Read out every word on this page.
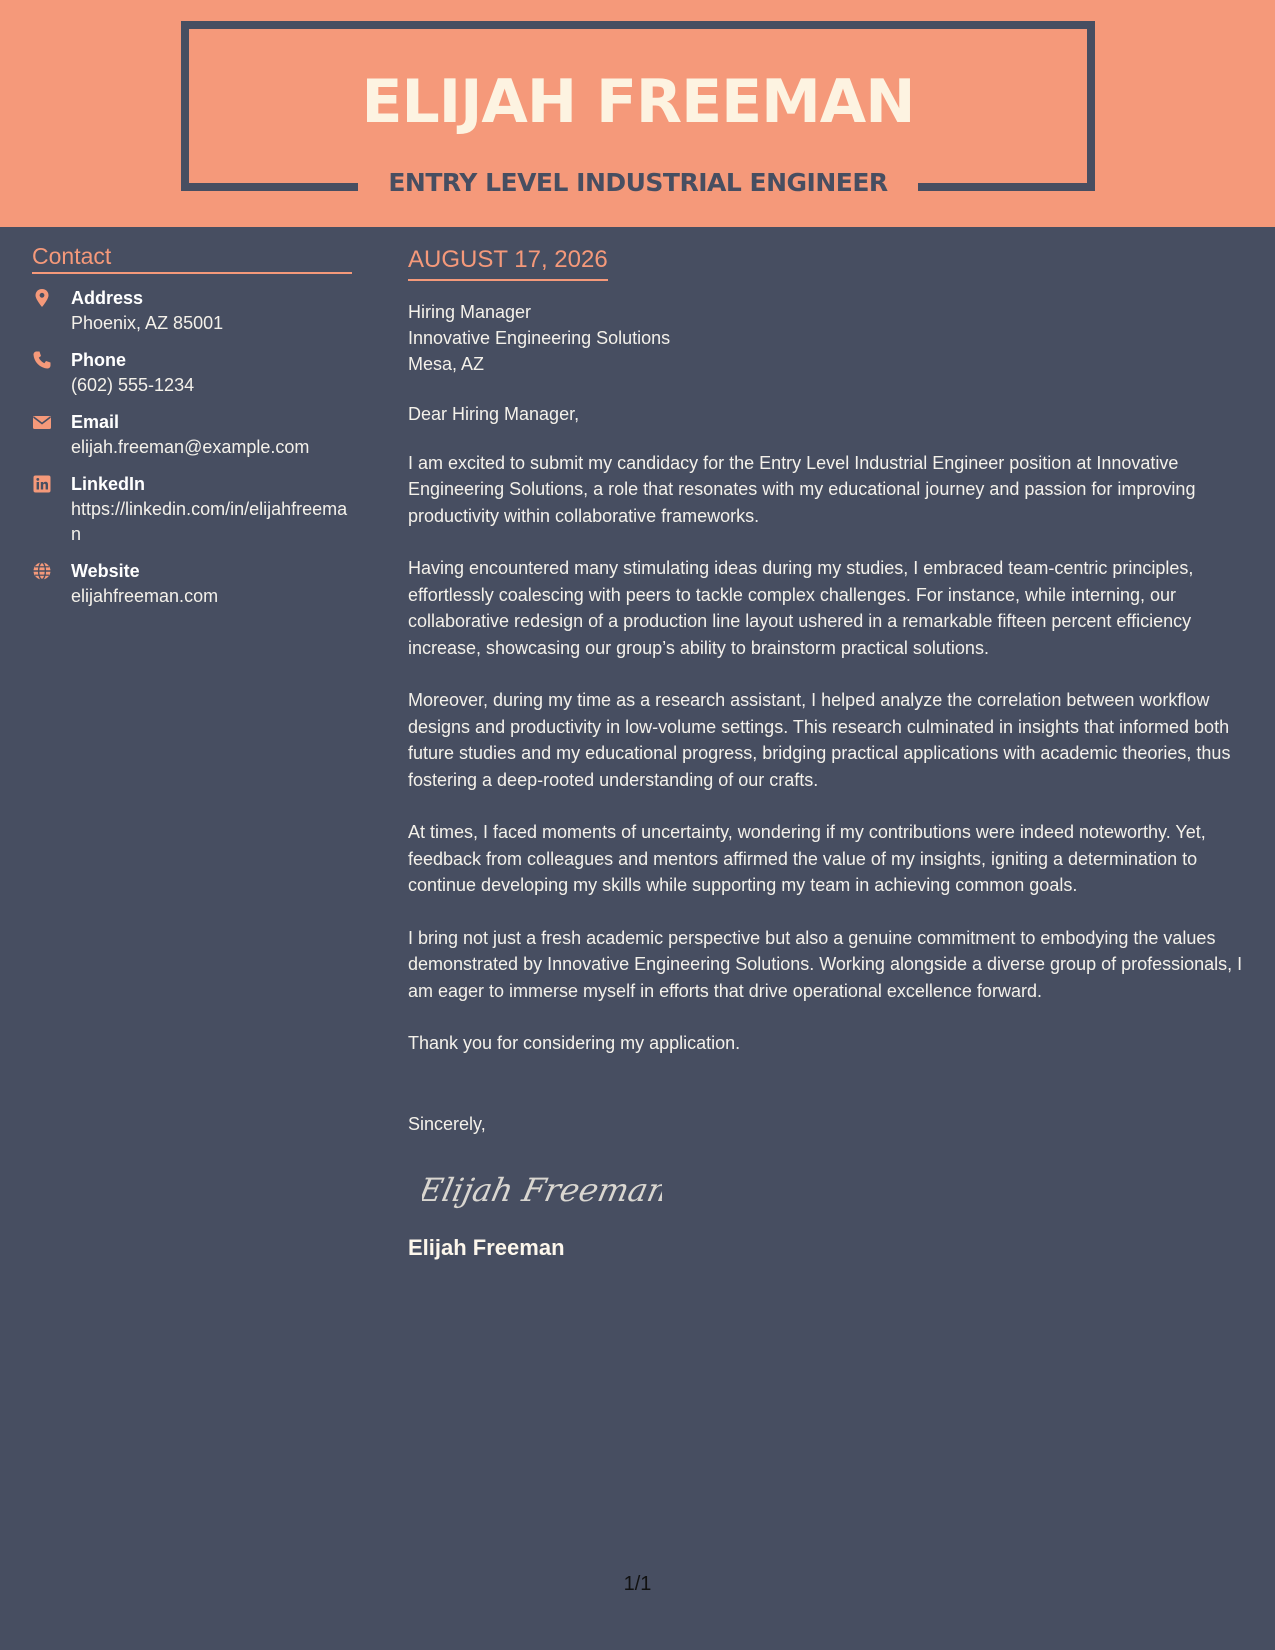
ELIJAH FREEMAN
ENTRY LEVEL INDUSTRIAL ENGINEER
Contact
Address
Phoenix, AZ 85001
Phone
(602) 555-1234
Email
elijah.freeman@example.com
LinkedIn
https://linkedin.com/in/elijahfreeman
Website
elijahfreeman.com
AUGUST 17, 2026
Hiring Manager
Innovative Engineering Solutions
Mesa, AZ

Dear Hiring Manager,

I am excited to submit my candidacy for the Entry Level Industrial Engineer position at Innovative Engineering Solutions, a role that resonates with my educational journey and passion for improving productivity within collaborative frameworks.

Having encountered many stimulating ideas during my studies, I embraced team-centric principles, effortlessly coalescing with peers to tackle complex challenges. For instance, while interning, our collaborative redesign of a production line layout ushered in a remarkable fifteen percent efficiency increase, showcasing our group’s ability to brainstorm practical solutions.

Moreover, during my time as a research assistant, I helped analyze the correlation between workflow designs and productivity in low-volume settings. This research culminated in insights that informed both future studies and my educational progress, bridging practical applications with academic theories, thus fostering a deep-rooted understanding of our crafts.

At times, I faced moments of uncertainty, wondering if my contributions were indeed noteworthy. Yet, feedback from colleagues and mentors affirmed the value of my insights, igniting a determination to continue developing my skills while supporting my team in achieving common goals.

I bring not just a fresh academic perspective but also a genuine commitment to embodying the values demonstrated by Innovative Engineering Solutions. Working alongside a diverse group of professionals, I am eager to immerse myself in efforts that drive operational excellence forward.

Thank you for considering my application.

Sincerely,
Elijah Freeman
Elijah Freeman
1/1
